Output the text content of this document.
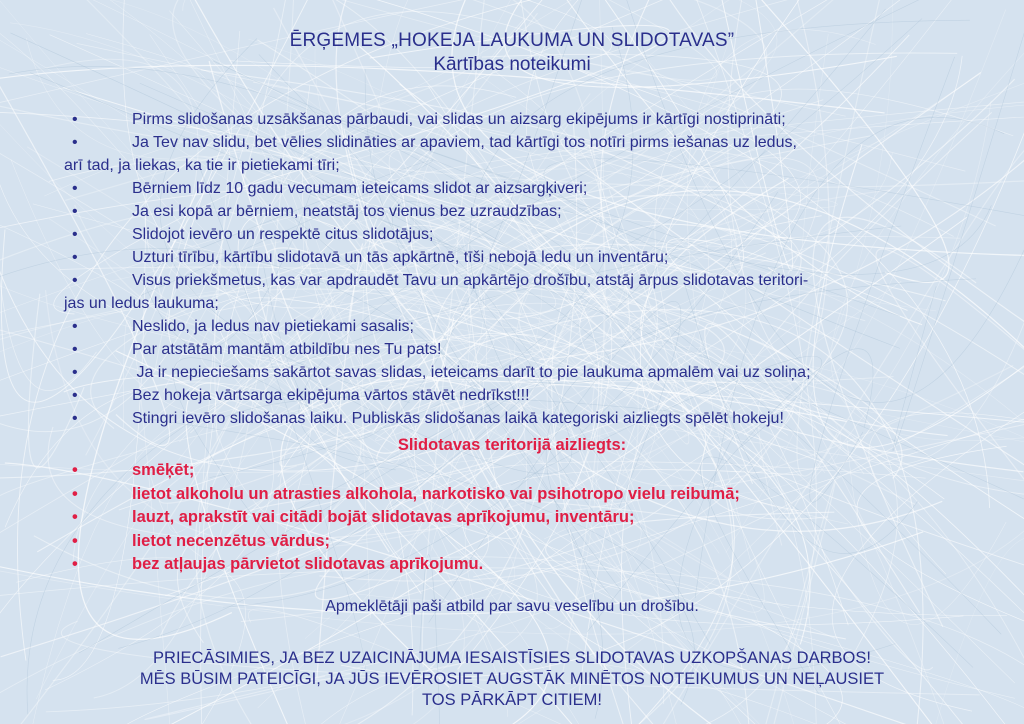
ĒRĢEMES „HOKEJA LAUKUMA UN SLIDOTAVAS”
Kārtības noteikumi
•	Pirms slidošanas uzsākšanas pārbaudi, vai slidas un aizsarg ekipējums ir kārtīgi nostiprināti;
•	Ja Tev nav slidu, bet vēlies slidināties ar apaviem, tad kārtīgi tos notīri pirms iešanas uz ledus,
arī tad, ja liekas, ka tie ir pietiekami tīri;
•	Bērniem līdz 10 gadu vecumam ieteicams slidot ar aizsargķiveri;
•	Ja esi kopā ar bērniem, neatstāj tos vienus bez uzraudzības;
•	Slidojot ievēro un respektē citus slidotājus;
•	Uzturi tīrību, kārtību slidotavā un tās apkārtnē, tīši nebojā ledu un inventāru;
•	Visus priekšmetus, kas var apdraudēt Tavu un apkārtējo drošību, atstāj ārpus slidotavas teritori-
jas un ledus laukuma;
•	Neslido, ja ledus nav pietiekami sasalis;
•	Par atstātām mantām atbildību nes Tu pats!
•	Ja ir nepieciešams sakārtot savas slidas, ieteicams darīt to pie laukuma apmalēm vai uz soliņa;
•	Bez hokeja vārtsarga ekipējuma vārtos stāvēt nedrīkst!!!
•	Stingri ievēro slidošanas laiku. Publiskās slidošanas laikā kategoriski aizliegts spēlēt hokeju!
Slidotavas teritorijā aizliegts:
•	smēķēt;
•	lietot alkoholu un atrasties alkohola, narkotisko vai psihotropo vielu reibumā;
•	lauzt, aprakstīt vai citādi bojāt slidotavas aprīkojumu, inventāru;
•	lietot necenzētus vārdus;
•	bez atļaujas pārvietot slidotavas aprīkojumu.
Apmeklētāji paši atbild par savu veselību un drošību.
PRIECĀSIMIES, JA BEZ UZAICINĀJUMA IESAISTĪSIES SLIDOTAVAS UZKOPŠANAS DARBOS!
MĒS BŪSIM PATEICĪGI, JA JŪS IEVĒROSIET AUGSTĀK MINĒTOS NOTEIKUMUS UN NEĻAUSIET
TOS PĀRKĀPT CITIEM!
